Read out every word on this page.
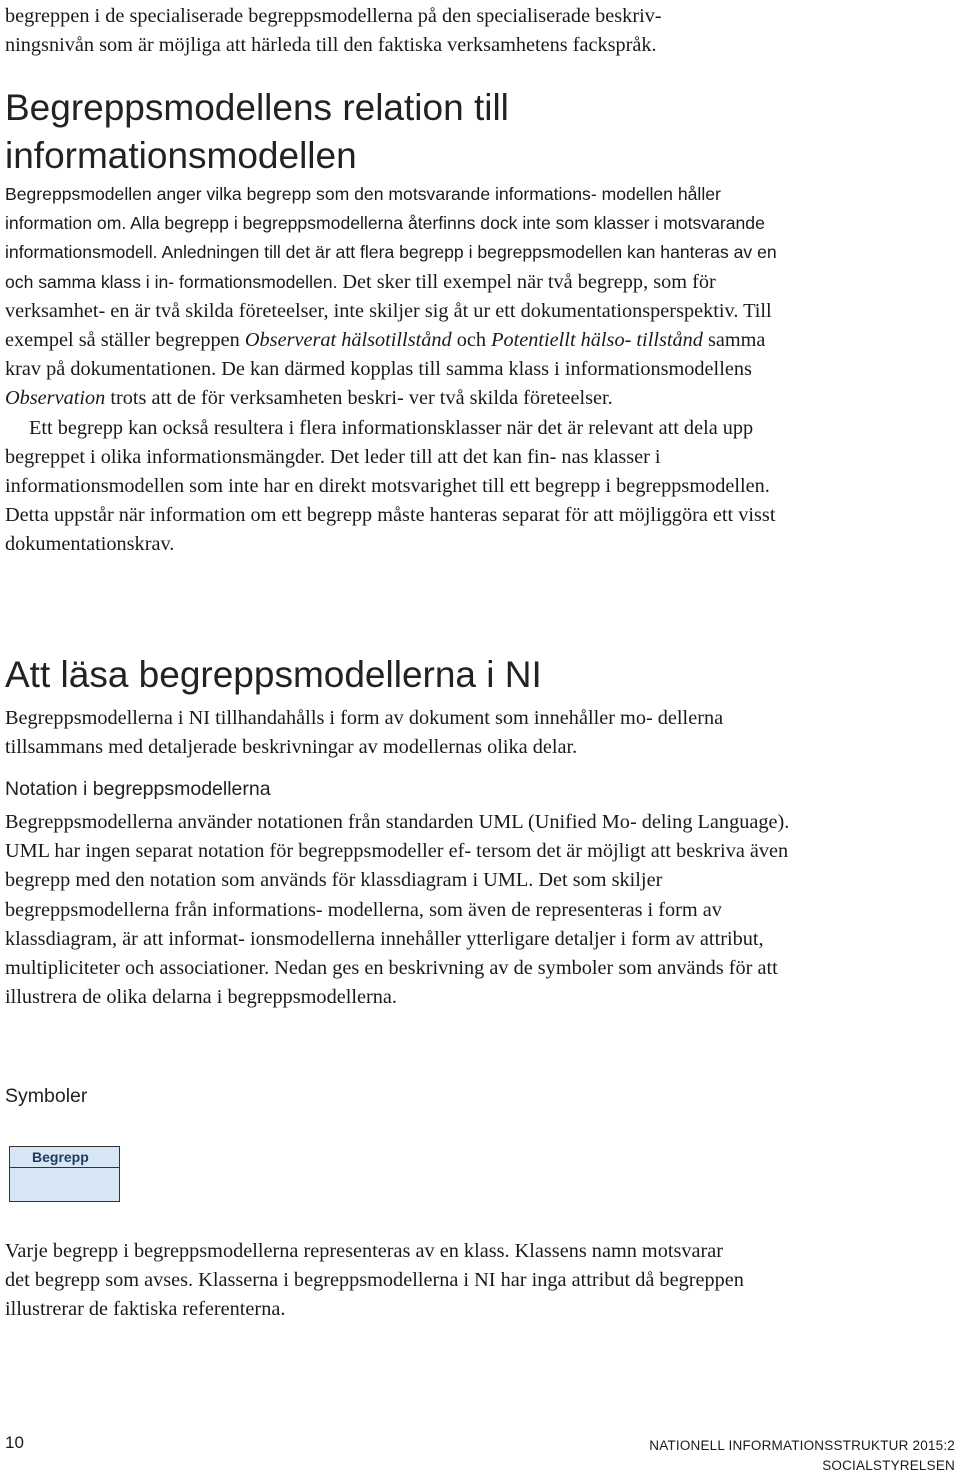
begreppen i de specialiserade begreppsmodellerna på den specialiserade beskriv-

ningsnivån som är möjliga att härleda till den faktiska verksamhetens fackspråk.

Begreppsmodellens relation till
informationsmodellen

Begreppsmodellen anger vilka begrepp som den motsvarande informations- modellen håller information om. Alla begrepp i begreppsmodellerna återfinns dock inte som klasser i motsvarande informationsmodell. Anledningen till det är att flera begrepp i begreppsmodellen kan hanteras av en och samma klass i in- formationsmodellen. Det sker till exempel när två begrepp, som för verksamhet- en är två skilda företeelser, inte skiljer sig åt ur ett dokumentationsperspektiv. Till exempel så ställer begreppen Observerat hälsotillstånd och Potentiellt hälso- tillstånd samma krav på dokumentationen. De kan därmed kopplas till samma klass i informationsmodellens Observation trots att de för verksamheten beskri- ver två skilda företeelser.

Ett begrepp kan också resultera i flera informationsklasser när det är relevant att dela upp begreppet i olika informationsmängder. Det leder till att det kan fin- nas klasser i informationsmodellen som inte har en direkt motsvarighet till ett begrepp i begreppsmodellen. Detta uppstår när information om ett begrepp måste hanteras separat för att möjliggöra ett visst dokumentationskrav.

Att läsa begreppsmodellerna i NI

Begreppsmodellerna i NI tillhandahålls i form av dokument som innehåller mo- dellerna tillsammans med detaljerade beskrivningar av modellernas olika delar.

Notation i begreppsmodellerna

Begreppsmodellerna använder notationen från standarden UML (Unified Mo- deling Language). UML har ingen separat notation för begreppsmodeller ef- tersom det är möjligt att beskriva även begrepp med den notation som används för klassdiagram i UML. Det som skiljer begreppsmodellerna från informations- modellerna, som även de representeras i form av klassdiagram, är att informat- ionsmodellerna innehåller ytterligare detaljer i form av attribut, multipliciteter och associationer. Nedan ges en beskrivning av de symboler som används för att illustrera de olika delarna i begreppsmodellerna.

Symboler
Begrepp

Varje begrepp i begreppsmodellerna representeras av en klass. Klassens namn motsvarar det begrepp som avses. Klasserna i begreppsmodellerna i NI har inga attribut då begreppen illustrerar de faktiska referenterna.

10	NATIONELL INFORMATIONSSTRUKTUR 2015:2
SOCIALSTYRELSEN
